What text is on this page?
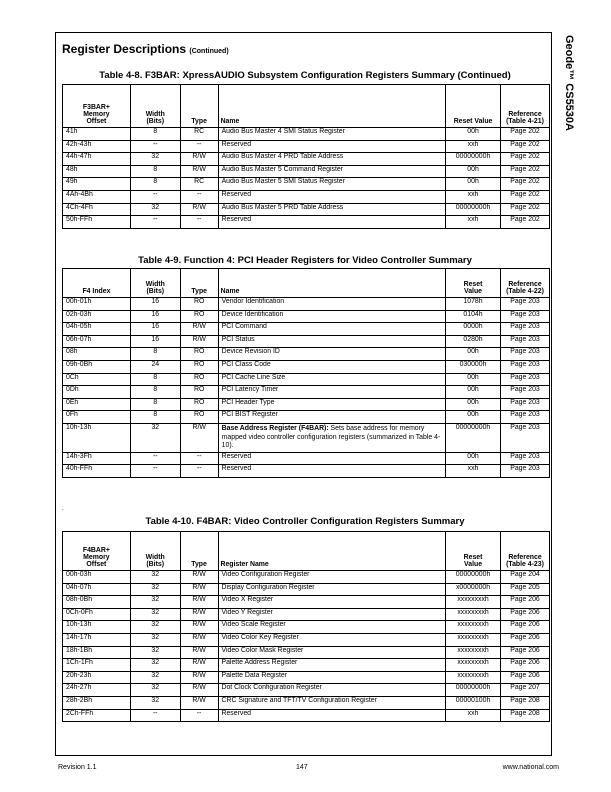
Geode™ CS5530A
Register Descriptions (Continued)
Table 4-8. F3BAR: XpressAUDIO Subsystem Configuration Registers Summary (Continued)
F3BAR+
Memory
Offset	Width
(Bits)	Type	Name	Reset Value	Reference
(Table 4-21)
41h	8	RC	Audio Bus Master 4 SMI Status Register	00h	Page 202
42h-43h	--	--	Reserved	xxh	Page 202
44h-47h	32	R/W	Audio Bus Master 4 PRD Table Address	00000000h	Page 202
48h	8	R/W	Audio Bus Master 5 Command Register	00h	Page 202
49h	8	RC	Audio Bus Master 5 SMI Status Register	00h	Page 202
4Ah-4Bh	--	--	Reserved	xxh	Page 202
4Ch-4Fh	32	R/W	Audio Bus Master 5 PRD Table Address	00000000h	Page 202
50h-FFh	--	--	Reserved	xxh	Page 202
Table 4-9. Function 4: PCI Header Registers for Video Controller Summary
F4 Index	Width
(Bits)	Type	Name	Reset
Value	Reference
(Table 4-22)
00h-01h	16	RO	Vendor Identification	1078h	Page 203
02h-03h	16	RO	Device Identification	0104h	Page 203
04h-05h	16	R/W	PCI Command	0000h	Page 203
06h-07h	16	R/W	PCI Status	0280h	Page 203
08h	8	RO	Device Revision ID	00h	Page 203
09h-0Bh	24	RO	PCI Class Code	030000h	Page 203
0Ch	8	RO	PCI Cache Line Size	00h	Page 203
0Dh	8	RO	PCI Latency Timer	00h	Page 203
0Eh	8	RO	PCI Header Type	00h	Page 203
0Fh	8	RO	PCI BIST Register	00h	Page 203
10h-13h	32	R/W	Base Address Register (F4BAR): Sets base address for memory mapped video controller configuration registers (summarized in Table 4-10).	00000000h	Page 203
14h-3Fh	--	--	Reserved	00h	Page 203
40h-FFh	--	--	Reserved	xxh	Page 203
.
Table 4-10. F4BAR: Video Controller Configuration Registers Summary
F4BAR+
Memory
Offset	Width
(Bits)	Type	Register Name	Reset
Value	Reference
(Table 4-23)
00h-03h	32	R/W	Video Configuration Register	00000000h	Page 204
04h-07h	32	R/W	Display Configuration Register	x0000000h	Page 205
08h-0Bh	32	R/W	Video X Register	xxxxxxxxh	Page 206
0Ch-0Fh	32	R/W	Video Y Register	xxxxxxxxh	Page 206
10h-13h	32	R/W	Video Scale Register	xxxxxxxxh	Page 206
14h-17h	32	R/W	Video Color Key Register	xxxxxxxxh	Page 206
18h-1Bh	32	R/W	Video Color Mask Register	xxxxxxxxh	Page 206
1Ch-1Fh	32	R/W	Palette Address Register	xxxxxxxxh	Page 206
20h-23h	32	R/W	Palette Data Register	xxxxxxxxh	Page 206
24h-27h	32	R/W	Dot Clock Configuration Register	00000000h	Page 207
28h-2Bh	32	R/W	CRC Signature and TFT/TV Configuration Register	00000100h	Page 208
2Ch-FFh	--	--	Reserved	xxh	Page 208
Revision 1.1	147	www.national.com
